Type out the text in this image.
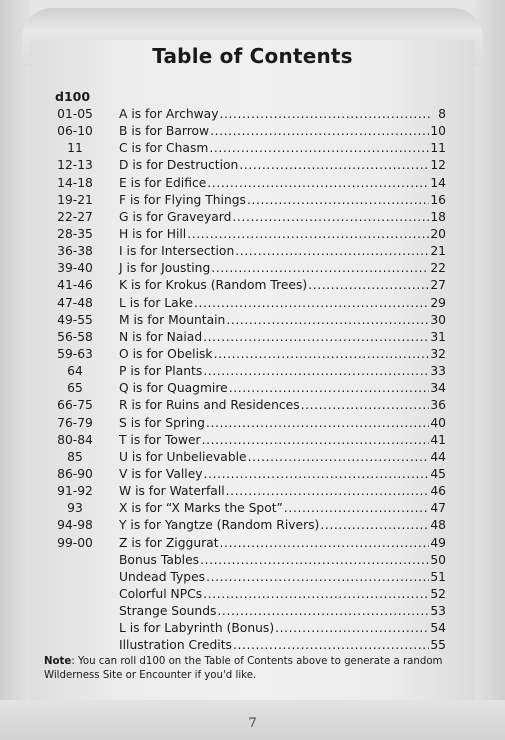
Table of Contents
d100
01-05	A is for Archway .....	8
06-10	B is for Barrow .....	10
11	C is for Chasm .....	11
12-13	D is for Destruction .....	12
14-18	E is for Edifice .....	14
19-21	F is for Flying Things .....	16
22-27	G is for Graveyard .....	18
28-35	H is for Hill .....	20
36-38	I is for Intersection .....	21
39-40	J is for Jousting .....	22
41-46	K is for Krokus (Random Trees) .....	27
47-48	L is for Lake .....	29
49-55	M is for Mountain .....	30
56-58	N is for Naiad .....	31
59-63	O is for Obelisk .....	32
64	P is for Plants .....	33
65	Q is for Quagmire .....	34
66-75	R is for Ruins and Residences .....	36
76-79	S is for Spring .....	40
80-84	T is for Tower .....	41
85	U is for Unbelievable .....	44
86-90	V is for Valley .....	45
91-92	W is for Waterfall .....	46
93	X is for “X Marks the Spot” .....	47
94-98	Y is for Yangtze (Random Rivers) .....	48
99-00	Z is for Ziggurat .....	49
Bonus Tables .....	50
Undead Types .....	51
Colorful NPCs .....	52
Strange Sounds .....	53
L is for Labyrinth (Bonus) .....	54
Illustration Credits .....	55
Note: You can roll d100 on the Table of Contents above to generate a random Wilderness Site or Encounter if you'd like.
7
